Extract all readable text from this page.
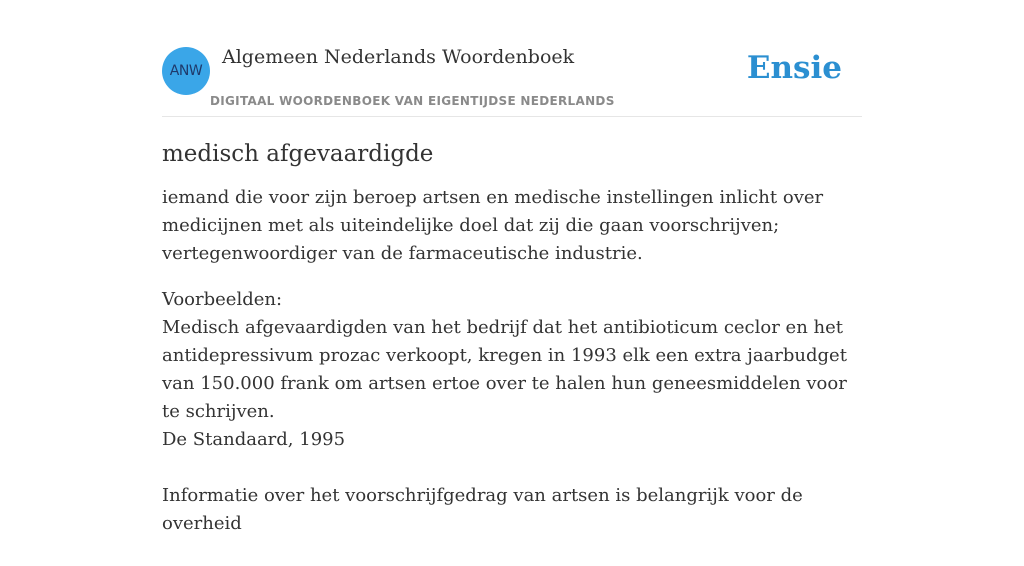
ANW
Algemeen Nederlands Woordenboek
DIGITAAL WOORDENBOEK VAN EIGENTIJDSE NEDERLANDS
Ensie
medisch afgevaardigde

iemand die voor zijn beroep artsen en medische instellingen inlicht over medicijnen met als uiteindelijke doel dat zij die gaan voorschrijven; vertegenwoordiger van de farmaceutische industrie.

Voorbeelden:
Medisch afgevaardigden van het bedrijf dat het antibioticum ceclor en het antidepressivum prozac verkoopt, kregen in 1993 elk een extra jaarbudget van 150.000 frank om artsen ertoe over te halen hun geneesmiddelen voor te schrijven.
De Standaard, 1995
Informatie over het voorschrijfgedrag van artsen is belangrijk voor de overheid
